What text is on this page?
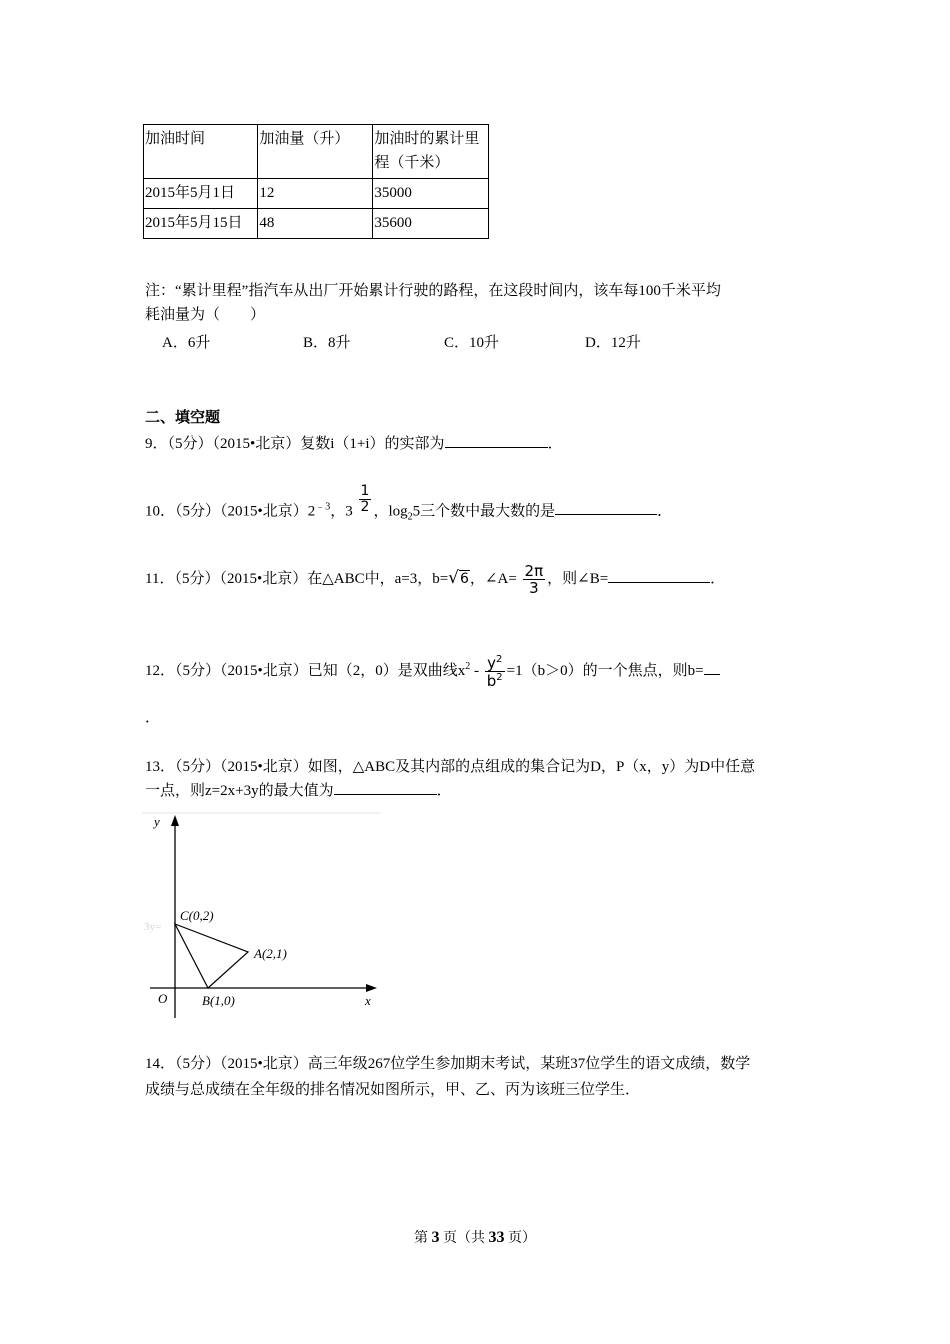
加油时间	加油量（升）	加油时的累计里程（千米）
2015年5月1日	12	35000
2015年5月15日	48	35600
注：“累计里程”指汽车从出厂开始累计行驶的路程，在这段时间内，该车每100千米平均
耗油量为（　　）
A．6升	B．8升	C．10升	D．12升
二、填空题
9．（5分）（2015•北京）复数i（1+i）的实部为	．
10．（5分）（2015•北京）$2^{﹣3}$，$3 \frac{1}{2}$ ，$\log_25$三个数中最大数的是	．
11．（5分）（2015•北京）在△ABC中，a=3，b=√6，∠A= $\frac{2\pi}{3}$ ，则∠B=	．
12．（5分）（2015•北京）已知（2，0）是双曲线$x^2 - \frac{y^2}{b^2} =1(b>0)$的一个焦点，则b=
．
13．（5分）（2015•北京）如图，△ABC及其内部的点组成的集合记为D，P（x，y）为D中任意
一点，则z=2x+3y的最大值为	．
y
x
O
C(0,2)
A(2,1)
B(1,0)
3y=
14．（5分）（2015•北京）高三年级267位学生参加期末考试，某班37位学生的语文成绩，数学
成绩与总成绩在全年级的排名情况如图所示，甲、乙、丙为该班三位学生．
第 3 页（共 33 页）
